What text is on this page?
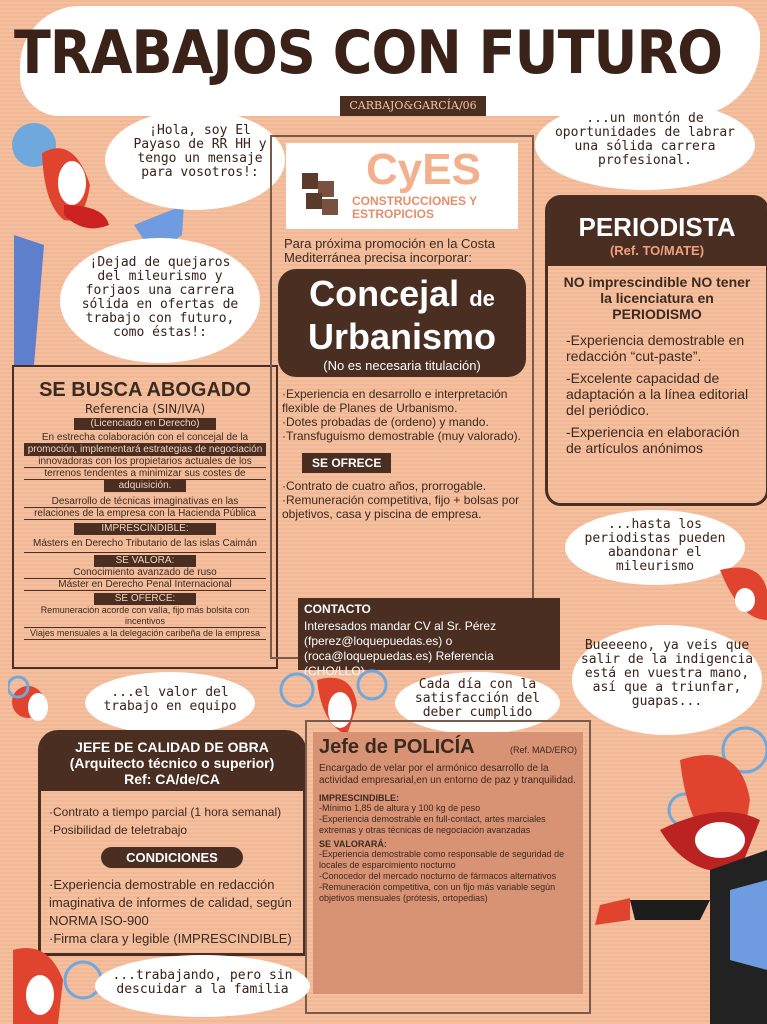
TRABAJOS CON FUTURO
CARBAJO&GARCÍA/06
¡Hola, soy El Payaso de RR HH y tengo un mensaje para vosotros!:
¡Dejad de quejaros del mileurismo y forjaos una carrera sólida en ofertas de trabajo con futuro, como éstas!:
...un montón de oportunidades de labrar una sólida carrera profesional.
SE BUSCA ABOGADO
Referencia (SIN/IVA)
(Licenciado en Derecho)
En estrecha colaboración con el concejal de la
promoción, implementará estrategias de negociación
innovadoras con los propietarios actuales de los
terrenos tendentes a minimizar sus costes de
adquisición.
Desarrollo de técnicas imaginativas en las
relaciones de la empresa con la Hacienda Pública
IMPRESCINDIBLE:
Másters en Derecho Tributario de las islas Caimán
SE VALORA:
Conocimiento avanzado de ruso
Máster en Derecho Penal Internacional
SE OFERCE:
Remuneración acorde con valía, fijo más bolsita con incentivos
Viajes mensuales a la delegación caribeña de la empresa
CyES
CONSTRUCCIONES Y ESTROPICIOS
Para próxima promoción en la Costa Mediterránea precisa incorporar:
Concejal de
Urbanismo
(No es necesaria titulación)
·Experiencia en desarrollo e interpretación flexible de Planes de Urbanismo.
·Dotes probadas de (ordeno) y mando.
·Transfuguismo demostrable (muy valorado).
SE OFRECE
·Contrato de cuatro años, prorrogable.
·Remuneración competitiva, fijo + bolsas por objetivos, casa y piscina de empresa.
CONTACTO
Interesados mandar CV al Sr. Pérez (fperez@loquepuedas.es) o (roca@loquepuedas.es) Referencia (CHO/LLO)
PERIODISTA
(Ref. TO/MATE)
NO imprescindible NO tener la licenciatura en PERIODISMO
-Experiencia demostrable en redacción “cut-paste”.
-Excelente capacidad de adaptación a la línea editorial del periódico.
-Experiencia en elaboración de artículos anónimos
...hasta los periodistas pueden abandonar el mileurismo
...el valor del trabajo en equipo
Cada día con la satisfacción del deber cumplido
Bueeeeno, ya veis que salir de la indigencia está en vuestra mano, así que a triunfar, guapas...
JEFE DE CALIDAD DE OBRA
(Arquitecto técnico o superior)
Ref: CA/de/CA
·Contrato a tiempo parcial (1 hora semanal)
·Posibilidad de teletrabajo
CONDICIONES
·Experiencia demostrable en redacción imaginativa de informes de calidad, según NORMA ISO-900
·Firma clara y legible (IMPRESCINDIBLE)
Jefe de POLICÍA	(Ref. MAD/ERO)
Encargado de velar por el armónico desarrollo de la actividad empresarial,en un entorno de paz y tranquilidad.
IMPRESCINDIBLE:
-Mínimo 1,85 de altura y 100 kg de peso
-Experiencia demostrable en full-contact, artes marciales extremas y otras técnicas de negociación avanzadas
SE VALORARÁ:
-Experiencia demostrable como responsable de seguridad de locales de esparcimiento nocturno
-Conocedor del mercado nocturno de fármacos alternativos
-Remuneración competitiva, con un fijo más variable según objetivos mensuales (prótesis, ortopedias)
...trabajando, pero sin descuidar a la familia
